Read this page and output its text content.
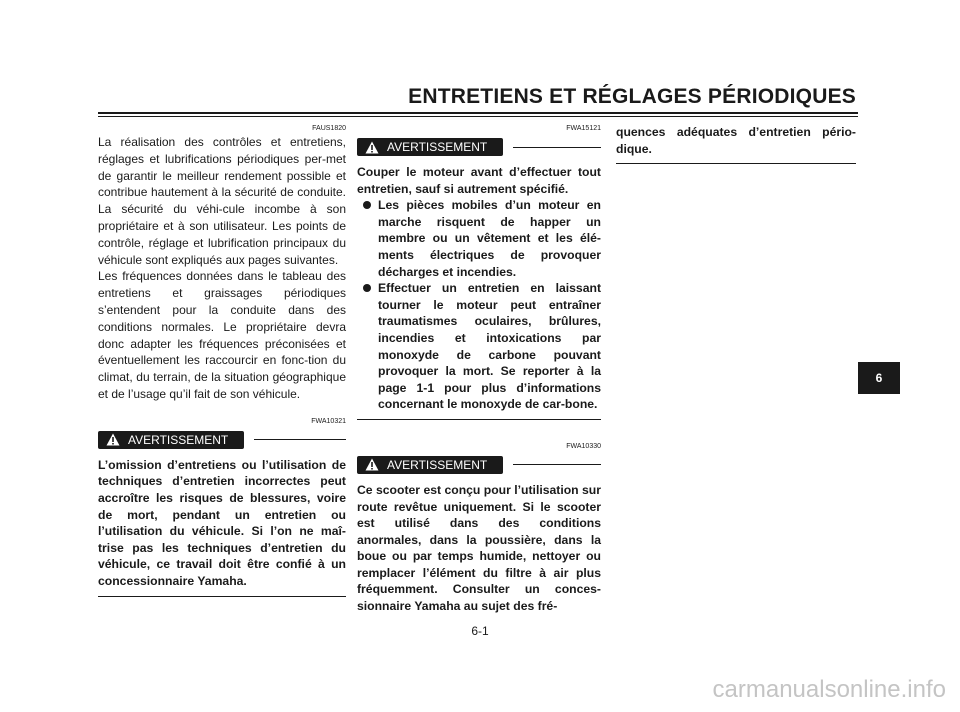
ENTRETIENS ET RÉGLAGES PÉRIODIQUES
FAUS1820

La réalisation des contrôles et entretiens, réglages et lubrifications périodiques per-met de garantir le meilleur rendement possible et contribue hautement à la sécurité de conduite. La sécurité du véhi-cule incombe à son propriétaire et à son utilisateur. Les points de contrôle, réglage et lubrification principaux du véhicule sont expliqués aux pages suivantes.

Les fréquences données dans le tableau des entretiens et graissages périodiques s’entendent pour la conduite dans des conditions normales. Le propriétaire devra donc adapter les fréquences préconisées et éventuellement les raccourcir en fonc-tion du climat, du terrain, de la situation géographique et de l’usage qu’il fait de son véhicule.

FWA10321
AVERTISSEMENT
L’omission d’entretiens ou l’utilisation de techniques d’entretien incorrectes peut accroître les risques de blessures, voire de mort, pendant un entretien ou l’utilisation du véhicule. Si l’on ne maî-trise pas les techniques d’entretien du véhicule, ce travail doit être confié à un concessionnaire Yamaha.
FWA15121
AVERTISSEMENT
Couper le moteur avant d’effectuer tout entretien, sauf si autrement spécifié.
Les pièces mobiles d’un moteur en marche risquent de happer un membre ou un vêtement et les élé-ments électriques de provoquer décharges et incendies.
Effectuer un entretien en laissant tourner le moteur peut entraîner traumatismes oculaires, brûlures, incendies et intoxications par monoxyde de carbone pouvant provoquer la mort. Se reporter à la page 1-1 pour plus d’informations concernant le monoxyde de car-bone.
FWA10330
AVERTISSEMENT
Ce scooter est conçu pour l’utilisation sur route revêtue uniquement. Si le scooter est utilisé dans des conditions anormales, dans la poussière, dans la boue ou par temps humide, nettoyer ou remplacer l’élément du filtre à air plus fréquemment. Consulter un conces-sionnaire Yamaha au sujet des fré-
quences adéquates d’entretien pério-dique.
6
6-1
carmanualsonline.info
